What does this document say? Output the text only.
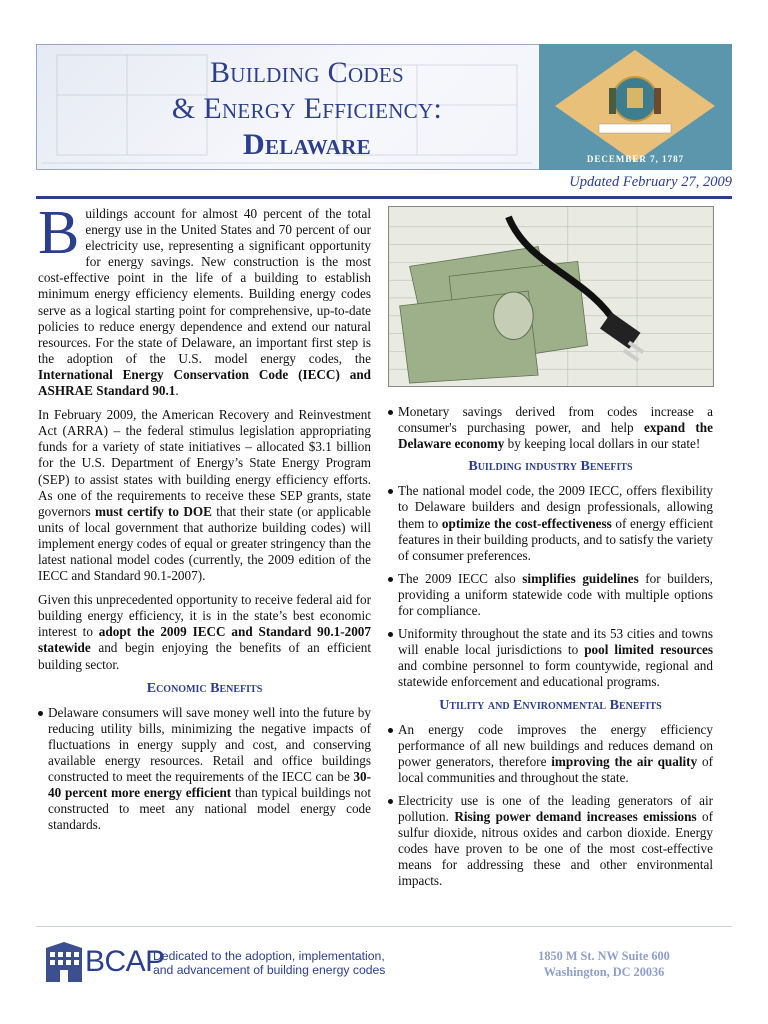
Building Codes
& Energy Efficiency:
Delaware	DECEMBER 7, 1787
Updated February 27, 2009

Buildings account for almost 40 percent of the total energy use in the United States and 70 percent of our electricity use, representing a significant opportunity for energy savings. New construction is the most cost-effective point in the life of a building to establish minimum energy efficiency elements. Building energy codes serve as a logical starting point for comprehensive, up-to-date policies to reduce energy dependence and extend our natural resources. For the state of Delaware, an important first step is the adoption of the U.S. model energy codes, the International Energy Conservation Code (IECC) and ASHRAE Standard 90.1.

In February 2009, the American Recovery and Reinvestment Act (ARRA) – the federal stimulus legislation appropriating funds for a variety of state initiatives – allocated $3.1 billion for the U.S. Department of Energy’s State Energy Program (SEP) to assist states with building energy efficiency efforts. As one of the requirements to receive these SEP grants, state governors must certify to DOE that their state (or applicable units of local government that authorize building codes) will implement energy codes of equal or greater stringency than the latest national model codes (currently, the 2009 edition of the IECC and Standard 90.1-2007).

Given this unprecedented opportunity to receive federal aid for building energy efficiency, it is in the state’s best economic interest to adopt the 2009 IECC and Standard 90.1-2007 statewide and begin enjoying the benefits of an efficient building sector.

Economic Benefits
Delaware consumers will save money well into the future by reducing utility bills, minimizing the negative impacts of fluctuations in energy supply and cost, and conserving available energy resources. Retail and office buildings constructed to meet the requirements of the IECC can be 30-40 percent more energy efficient than typical buildings not constructed to meet any national model energy code standards.
Monetary savings derived from codes increase a consumer's purchasing power, and help expand the Delaware economy by keeping local dollars in our state!
Building industry Benefits
The national model code, the 2009 IECC, offers flexibility to Delaware builders and design professionals, allowing them to optimize the cost-effectiveness of energy efficient features in their building products, and to satisfy the variety of consumer preferences.
The 2009 IECC also simplifies guidelines for builders, providing a uniform statewide code with multiple options for compliance.
Uniformity throughout the state and its 53 cities and towns will enable local jurisdictions to pool limited resources and combine personnel to form countywide, regional and statewide enforcement and educational programs.
Utility and Environmental Benefits
An energy code improves the energy efficiency performance of all new buildings and reduces demand on power generators, therefore improving the air quality of local communities and throughout the state.
Electricity use is one of the leading generators of air pollution. Rising power demand increases emissions of sulfur dioxide, nitrous oxides and carbon dioxide. Energy codes have proven to be one of the most cost-effective means for addressing these and other environmental impacts.
BCAP
Dedicated to the adoption, implementation,
and advancement of building energy codes
1850 M St. NW Suite 600
Washington, DC 20036
